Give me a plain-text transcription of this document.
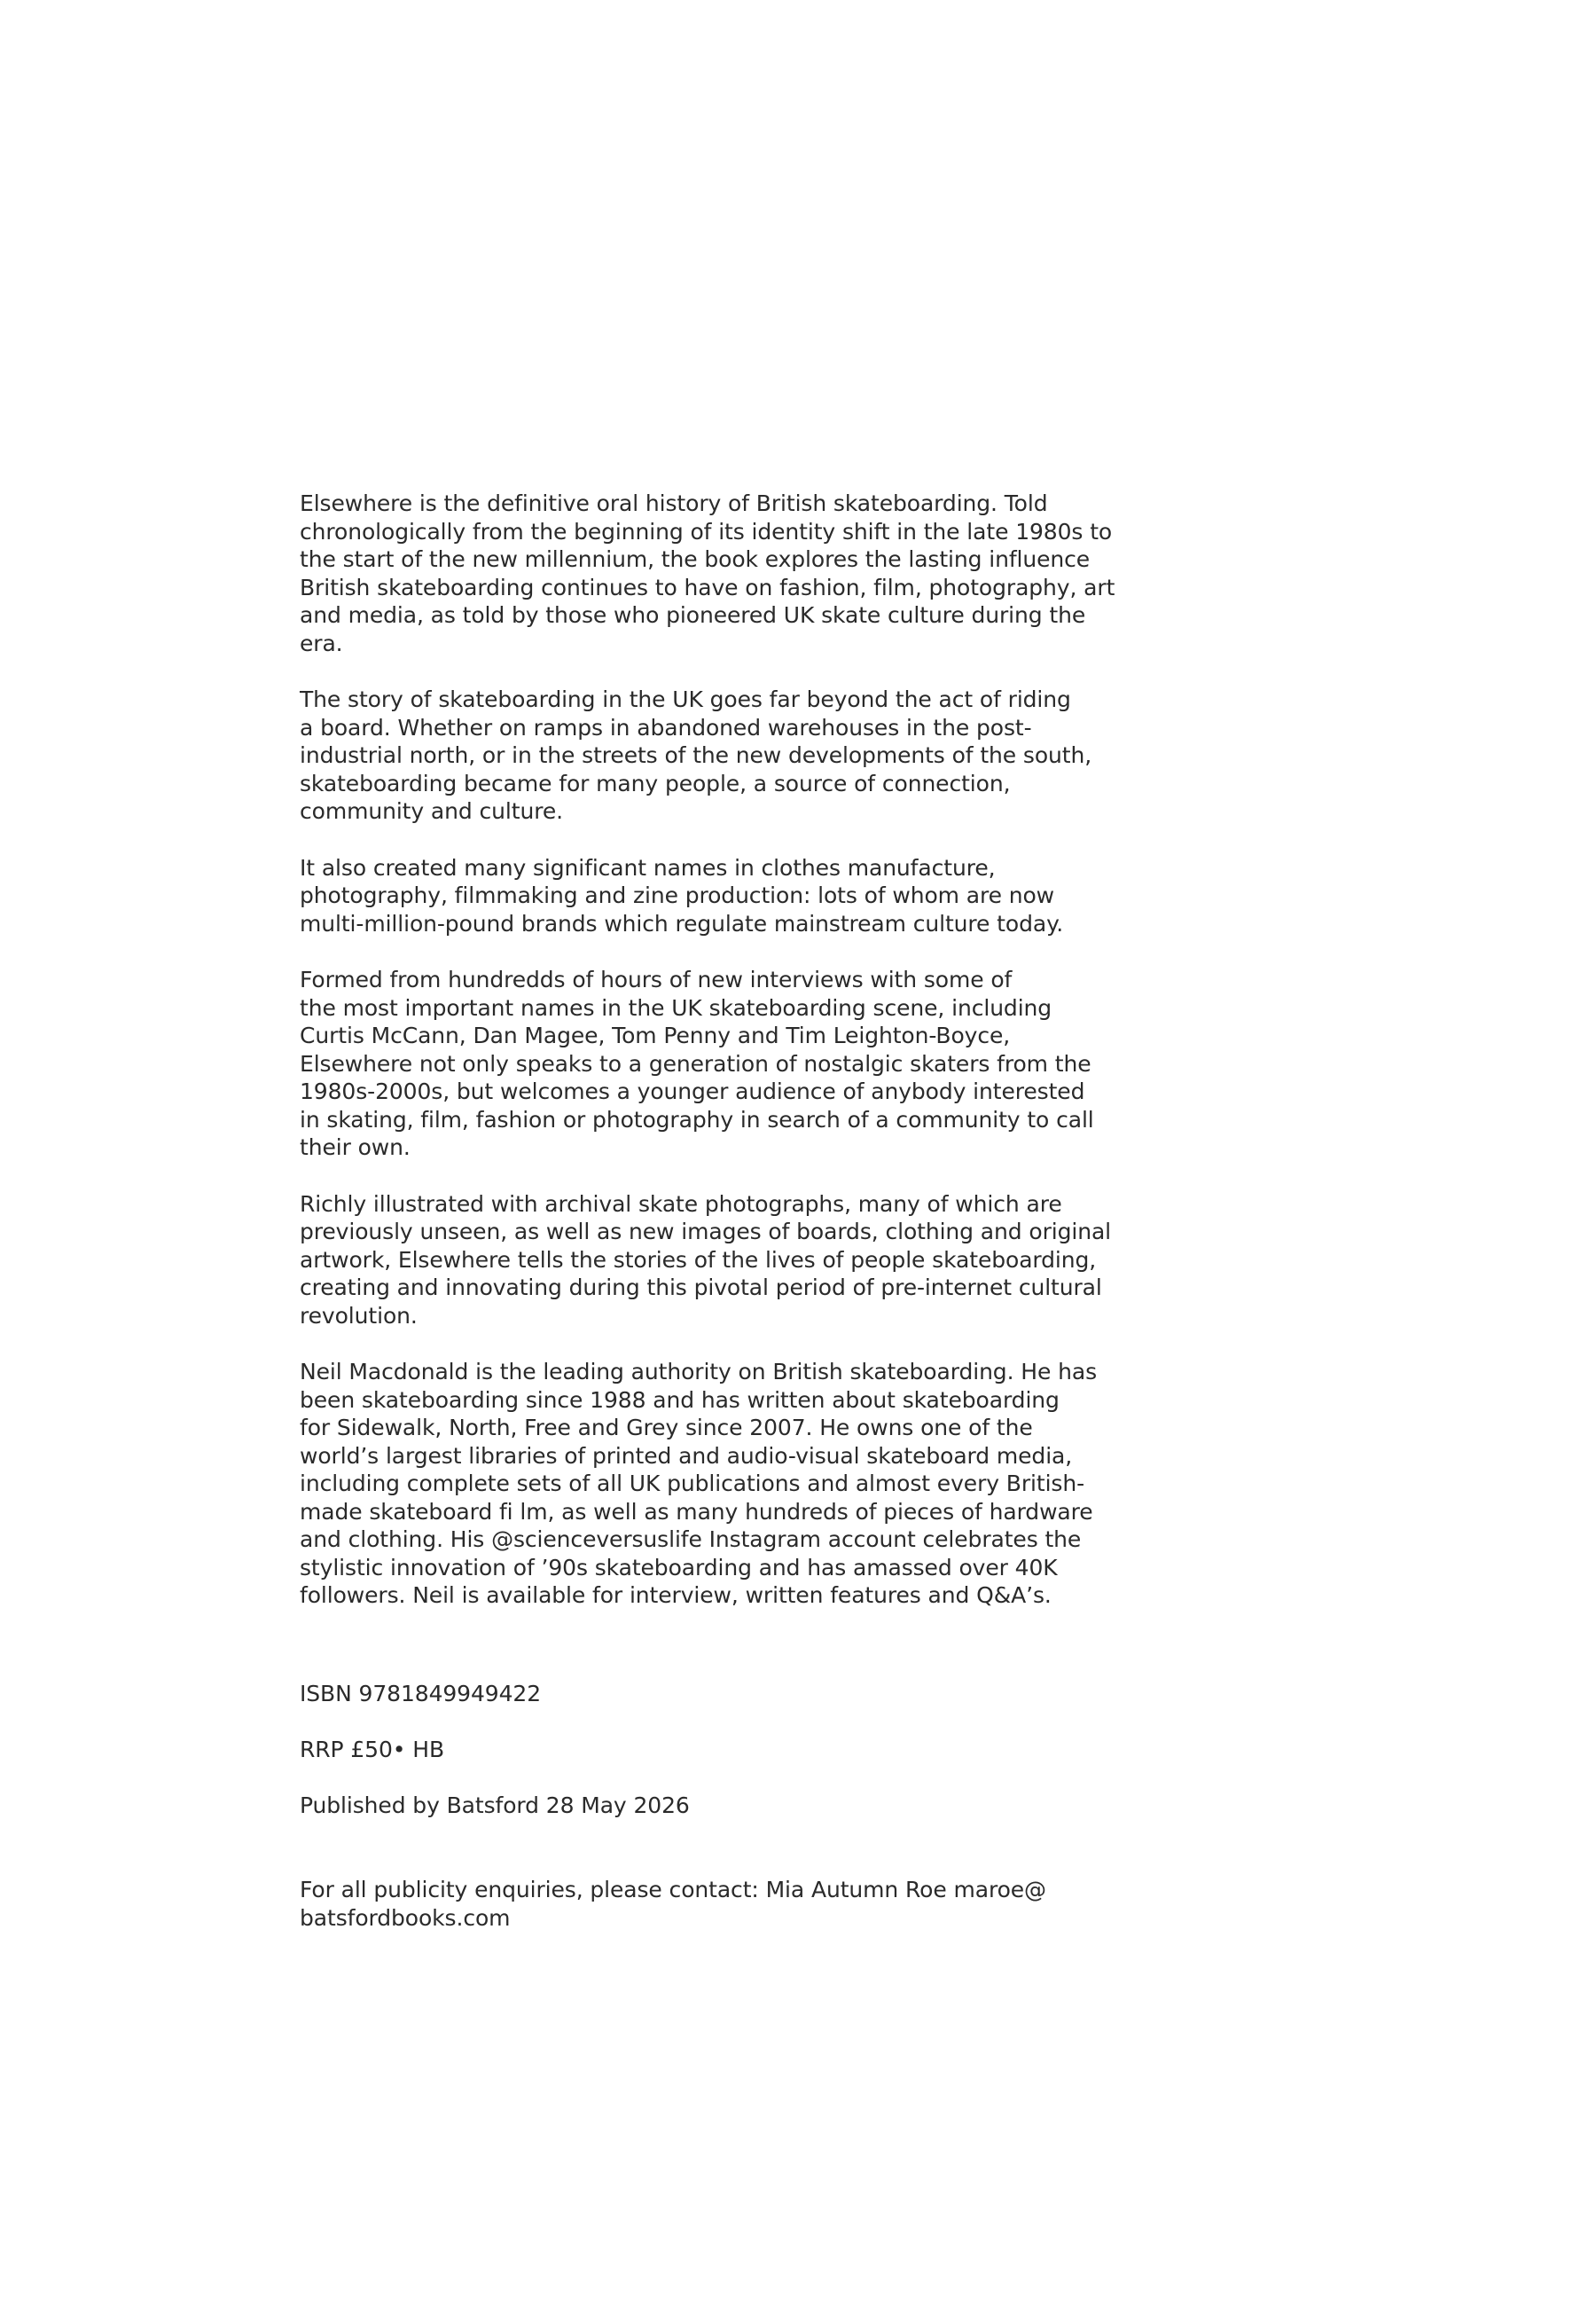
Elsewhere is the definitive oral history of British skateboarding. Told
chronologically from the beginning of its identity shift in the late 1980s to
the start of the new millennium, the book explores the lasting influence
British skateboarding continues to have on fashion, film, photography, art
and media, as told by those who pioneered UK skate culture during the
era.

The story of skateboarding in the UK goes far beyond the act of riding
a board. Whether on ramps in abandoned warehouses in the post-
industrial north, or in the streets of the new developments of the south,
skateboarding became for many people, a source of connection,
community and culture.

It also created many significant names in clothes manufacture,
photography, filmmaking and zine production: lots of whom are now
multi-million-pound brands which regulate mainstream culture today.

Formed from hundredds of hours of new interviews with some of
the most important names in the UK skateboarding scene, including
Curtis McCann, Dan Magee, Tom Penny and Tim Leighton-Boyce,
Elsewhere not only speaks to a generation of nostalgic skaters from the
1980s-2000s, but welcomes a younger audience of anybody interested
in skating, film, fashion or photography in search of a community to call
their own.

Richly illustrated with archival skate photographs, many of which are
previously unseen, as well as new images of boards, clothing and original
artwork, Elsewhere tells the stories of the lives of people skateboarding,
creating and innovating during this pivotal period of pre-internet cultural
revolution.

Neil Macdonald is the leading authority on British skateboarding. He has
been skateboarding since 1988 and has written about skateboarding
for Sidewalk, North, Free and Grey since 2007. He owns one of the
world’s largest libraries of printed and audio-visual skateboard media,
including complete sets of all UK publications and almost every British-
made skateboard fi lm, as well as many hundreds of pieces of hardware
and clothing. His @scienceversuslife Instagram account celebrates the
stylistic innovation of ’90s skateboarding and has amassed over 40K
followers. Neil is available for interview, written features and Q&A’s.

ISBN 9781849949422

RRP £50• HB

Published by Batsford 28 May 2026

For all publicity enquiries, please contact: Mia Autumn Roe maroe@
batsfordbooks.com
